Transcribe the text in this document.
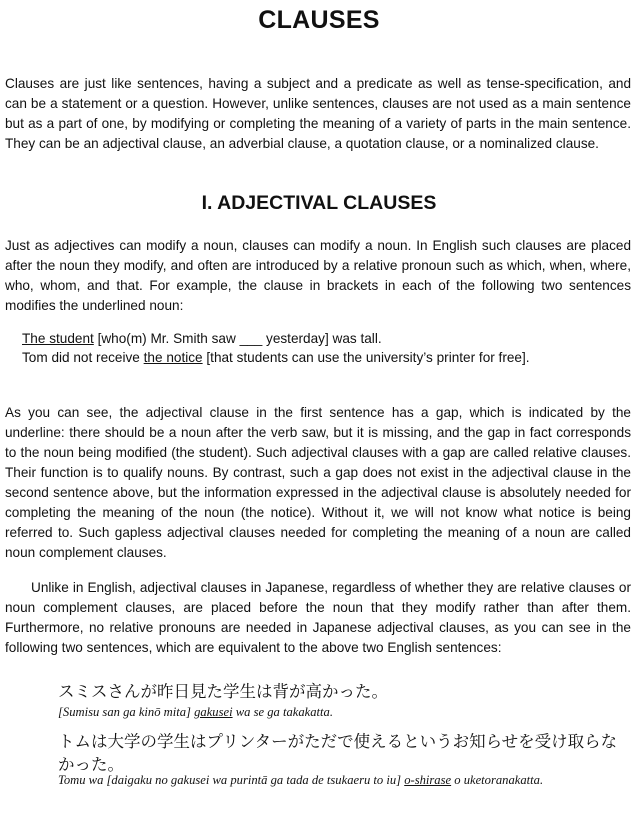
CLAUSES

Clauses are just like sentences, having a subject and a predicate as well as tense-specification, and can be a statement or a question. However, unlike sentences, clauses are not used as a main sentence but as a part of one, by modifying or completing the meaning of a variety of parts in the main sentence. They can be an adjectival clause, an adverbial clause, a quotation clause, or a nominalized clause.

I. ADJECTIVAL CLAUSES

Just as adjectives can modify a noun, clauses can modify a noun. In English such clauses are placed after the noun they modify, and often are introduced by a relative pronoun such as which, when, where, who, whom, and that. For example, the clause in brackets in each of the following two sentences modifies the underlined noun:

The student [who(m) Mr. Smith saw ___ yesterday] was tall.
Tom did not receive the notice [that students can use the university’s printer for free].

As you can see, the adjectival clause in the first sentence has a gap, which is indicated by the underline: there should be a noun after the verb saw, but it is missing, and the gap in fact corresponds to the noun being modified (the student). Such adjectival clauses with a gap are called relative clauses. Their function is to qualify nouns. By contrast, such a gap does not exist in the adjectival clause in the second sentence above, but the information expressed in the adjectival clause is absolutely needed for completing the meaning of the noun (the notice). Without it, we will not know what notice is being referred to. Such gapless adjectival clauses needed for completing the meaning of a noun are called noun complement clauses.

Unlike in English, adjectival clauses in Japanese, regardless of whether they are relative clauses or noun complement clauses, are placed before the noun that they modify rather than after them. Furthermore, no relative pronouns are needed in Japanese adjectival clauses, as you can see in the following two sentences, which are equivalent to the above two English sentences:

スミスさんが昨日見た学生は背が高かった。
[Sumisu san ga kinō mita] gakusei wa se ga takakatta.
トムは大学の学生はプリンターがただで使えるというお知らせを受け取らなかった。
Tomu wa [daigaku no gakusei wa purintā ga tada de tsukaeru to iu] o-shirase o uketoranakatta.
